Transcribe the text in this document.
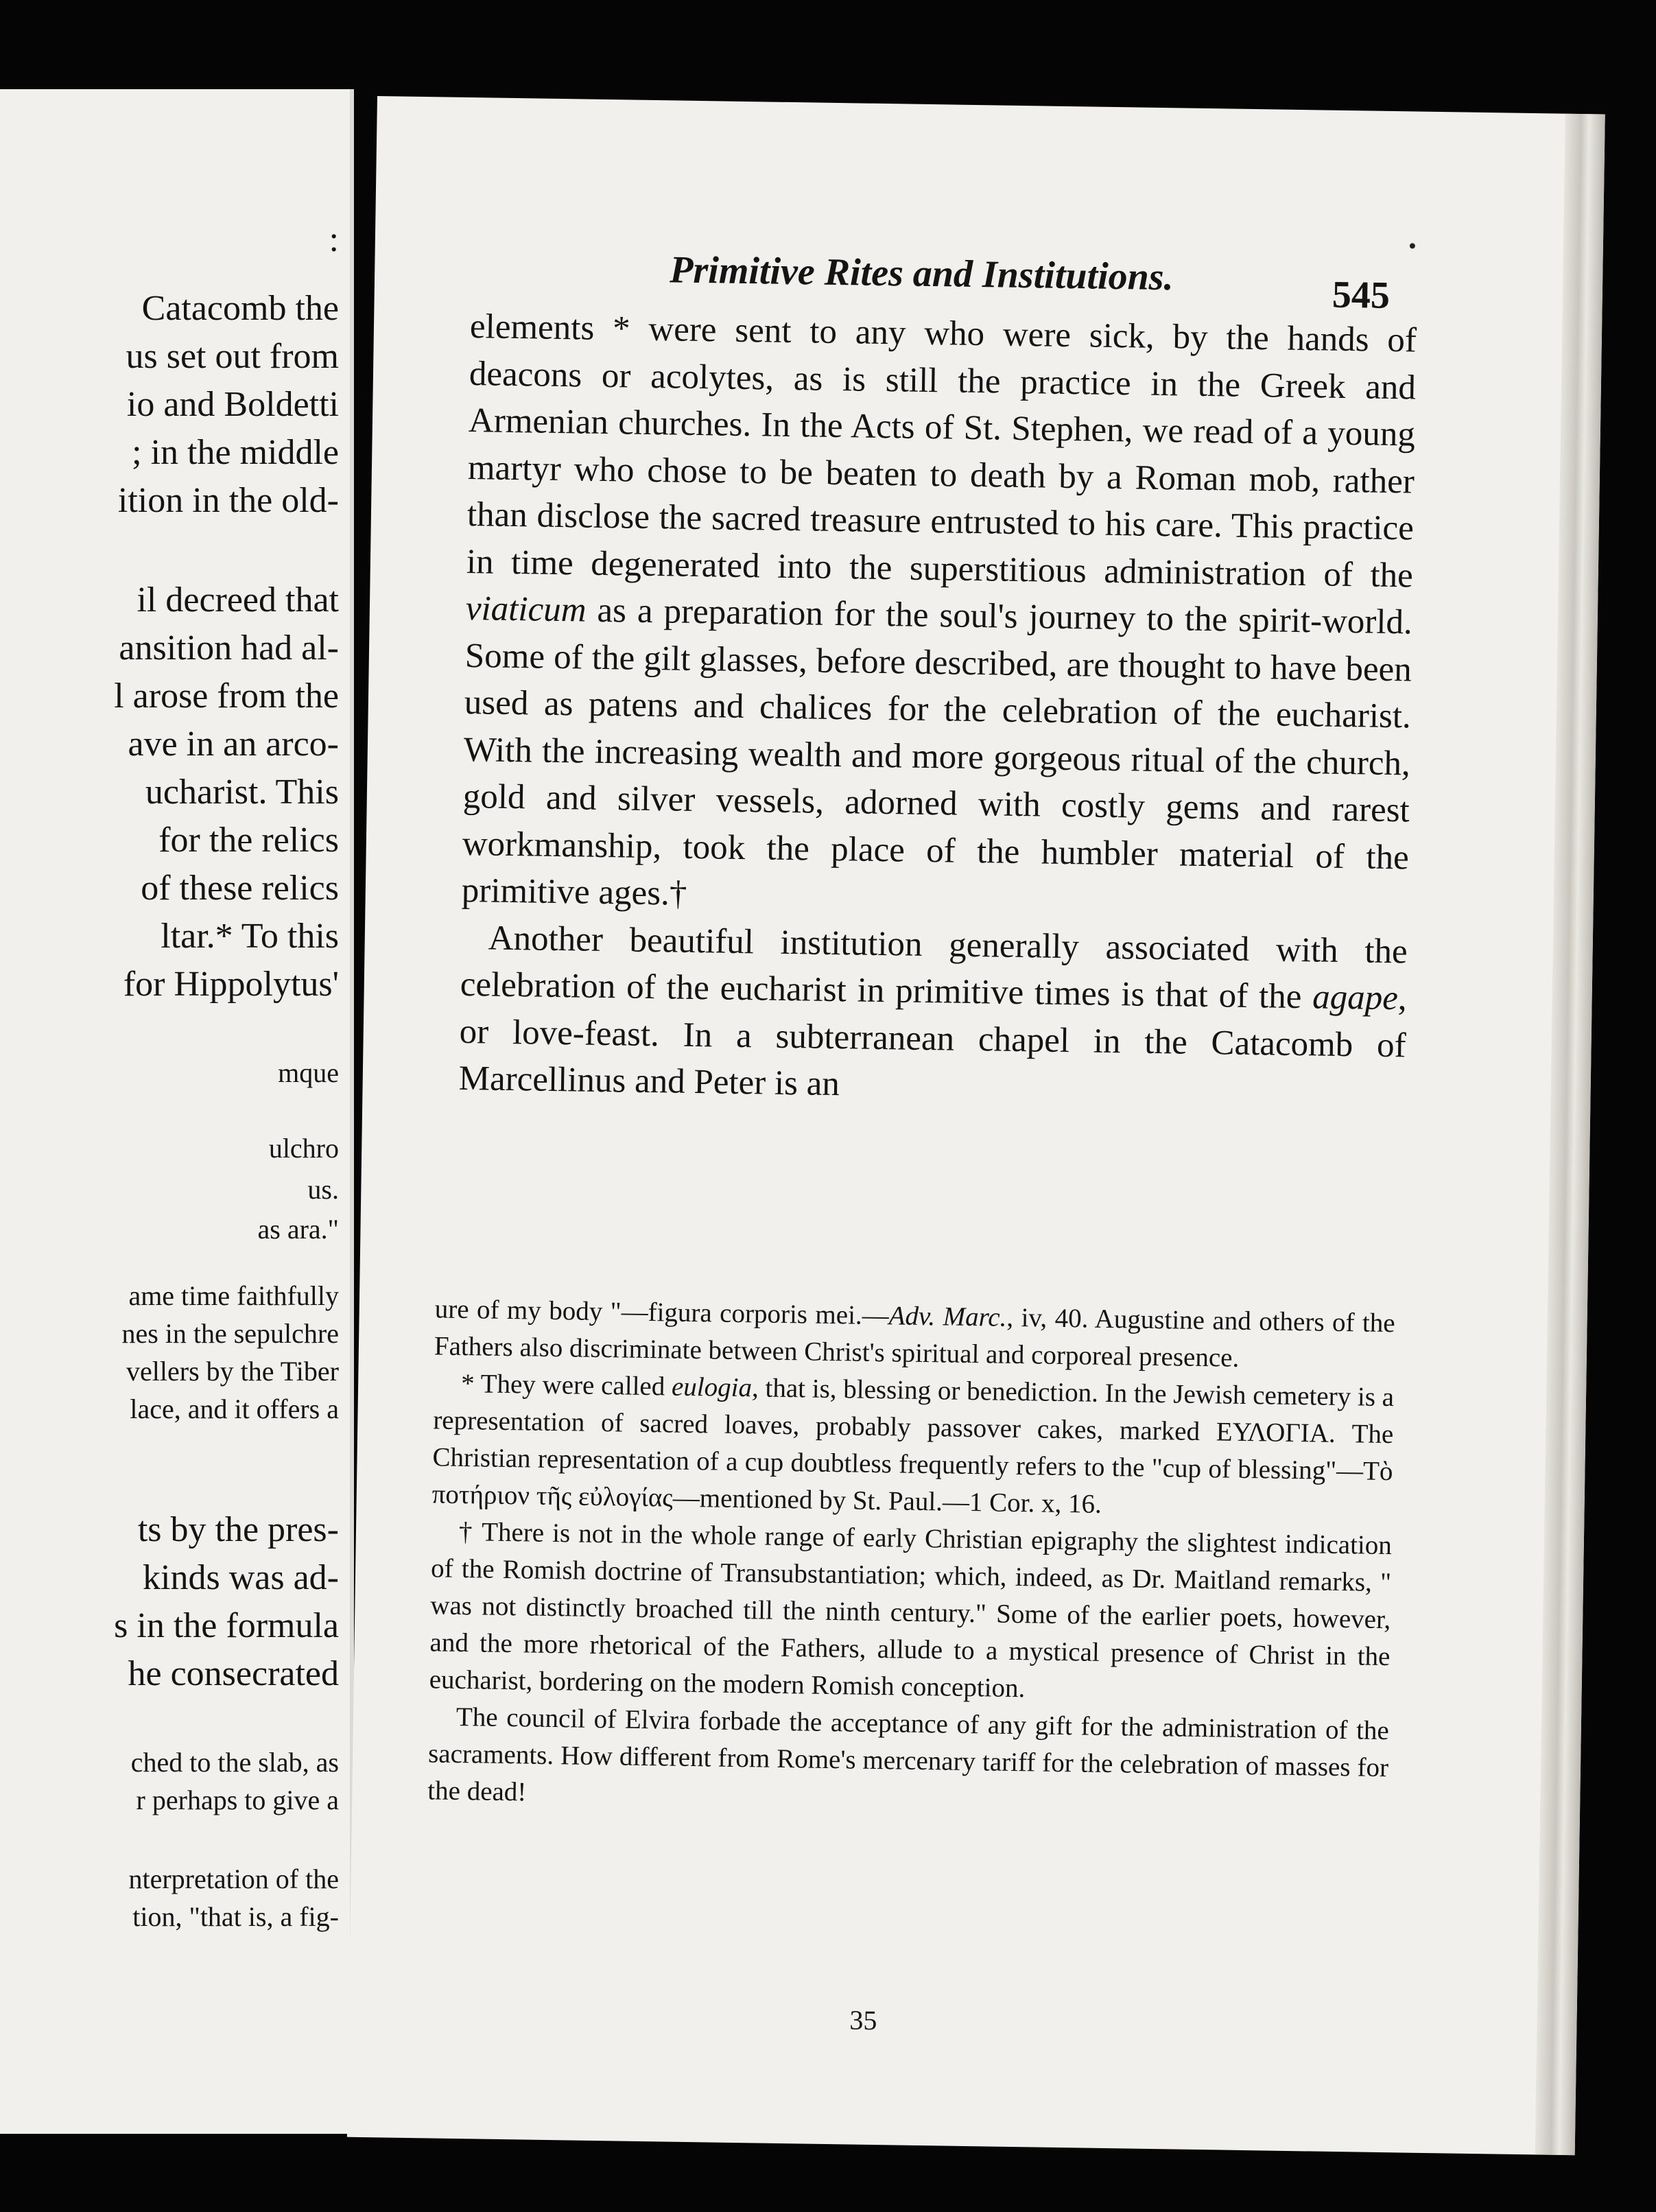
:
Catacomb the
us set out from
io and Boldetti
; in the middle
ition in the old-
il decreed that
ansition had al-
l arose from the
ave in an arco-
ucharist. This
for the relics
of these relics
ltar.* To this
for Hippolytus'
mque
ulchro
us.
as ara."
ame time faithfully
nes in the sepulchre
vellers by the Tiber
lace, and it offers a
ts by the pres-
kinds was ad-
s in the formula
he consecrated
ched to the slab, as
r perhaps to give a
nterpretation of the
tion, "that is, a fig-
Primitive Rites and Institutions.	545

elements * were sent to any who were sick, by the hands of deacons or acolytes, as is still the practice in the Greek and Armenian churches. In the Acts of St. Stephen, we read of a young martyr who chose to be beaten to death by a Roman mob, rather than disclose the sacred treasure entrusted to his care. This practice in time degenerated into the superstitious administration of the viaticum as a preparation for the soul's journey to the spirit-world. Some of the gilt glasses, before described, are thought to have been used as patens and chalices for the celebration of the eucharist. With the increasing wealth and more gorgeous ritual of the church, gold and silver vessels, adorned with costly gems and rarest workmanship, took the place of the humbler material of the primitive ages.†

Another beautiful institution generally associated with the celebration of the eucharist in primitive times is that of the agape, or love-feast. In a subterranean chapel in the Catacomb of Marcellinus and Peter is an

ure of my body "—figura corporis mei.—Adv. Marc., iv, 40. Augustine and others of the Fathers also discriminate between Christ's spiritual and corporeal presence.

* They were called eulogia, that is, blessing or benediction. In the Jewish cemetery is a representation of sacred loaves, probably passover cakes, marked ΕΥΛΟΓΙΑ. The Christian representation of a cup doubtless frequently refers to the "cup of blessing"—Τὸ ποτήριον τῆς εὐλογίας—mentioned by St. Paul.—1 Cor. x, 16.

† There is not in the whole range of early Christian epigraphy the slightest indication of the Romish doctrine of Transubstantiation; which, indeed, as Dr. Maitland remarks, " was not distinctly broached till the ninth century." Some of the earlier poets, however, and the more rhetorical of the Fathers, allude to a mystical presence of Christ in the eucharist, bordering on the modern Romish conception.

The council of Elvira forbade the acceptance of any gift for the administration of the sacraments. How different from Rome's mercenary tariff for the celebration of masses for the dead!

35
